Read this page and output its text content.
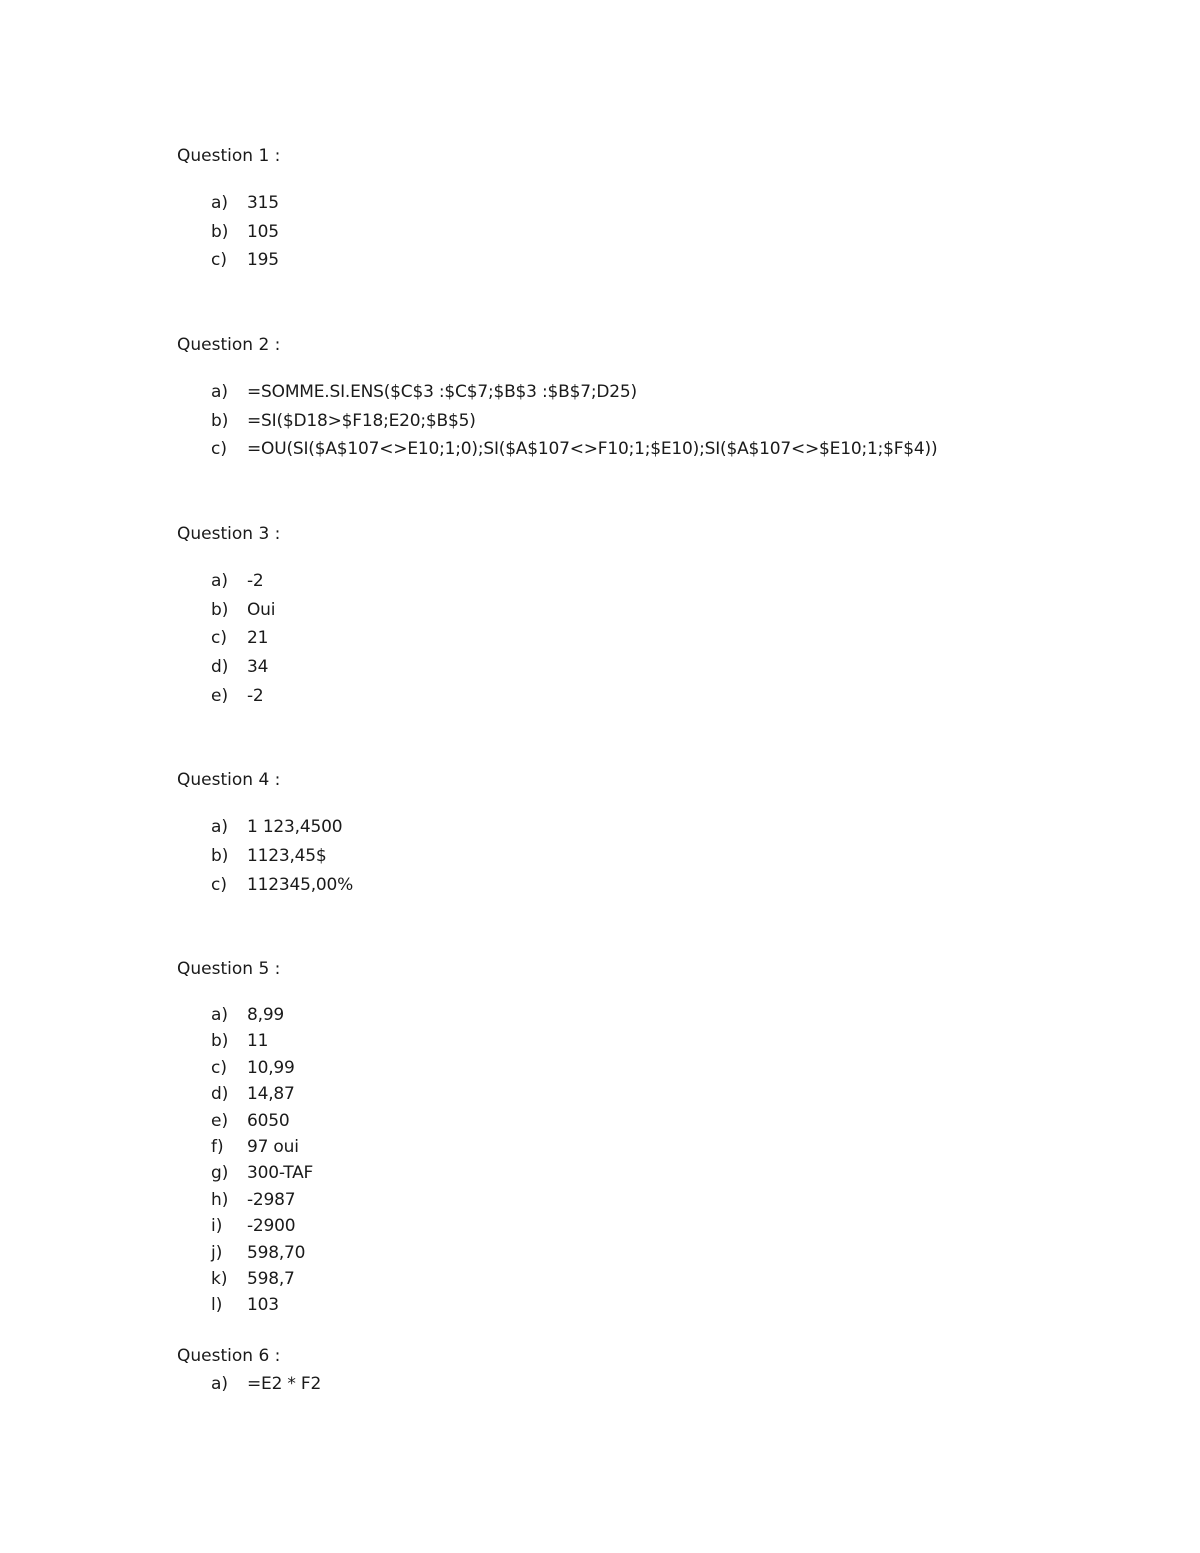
Question 1 :

a) 315
b) 105
c) 195

Question 2 :

a) =SOMME.SI.ENS($C$3 :$C$7;$B$3 :$B$7;D25)
b) =SI($D18>$F18;E20;$B$5)
c) =OU(SI($A$107<>E10;1;0);SI($A$107<>F10;1;$E10);SI($A$107<>$E10;1;$F$4))

Question 3 :

a) -2
b) Oui
c) 21
d) 34
e) -2

Question 4 :

a) 1 123,4500
b) 1123,45$
c) 112345,00%

Question 5 :

a) 8,99
b) 11
c) 10,99
d) 14,87
e) 6050
f) 97 oui
g) 300-TAF
h) -2987
i) -2900
j) 598,70
k) 598,7
l) 103

Question 6 :

a) =E2 * F2
